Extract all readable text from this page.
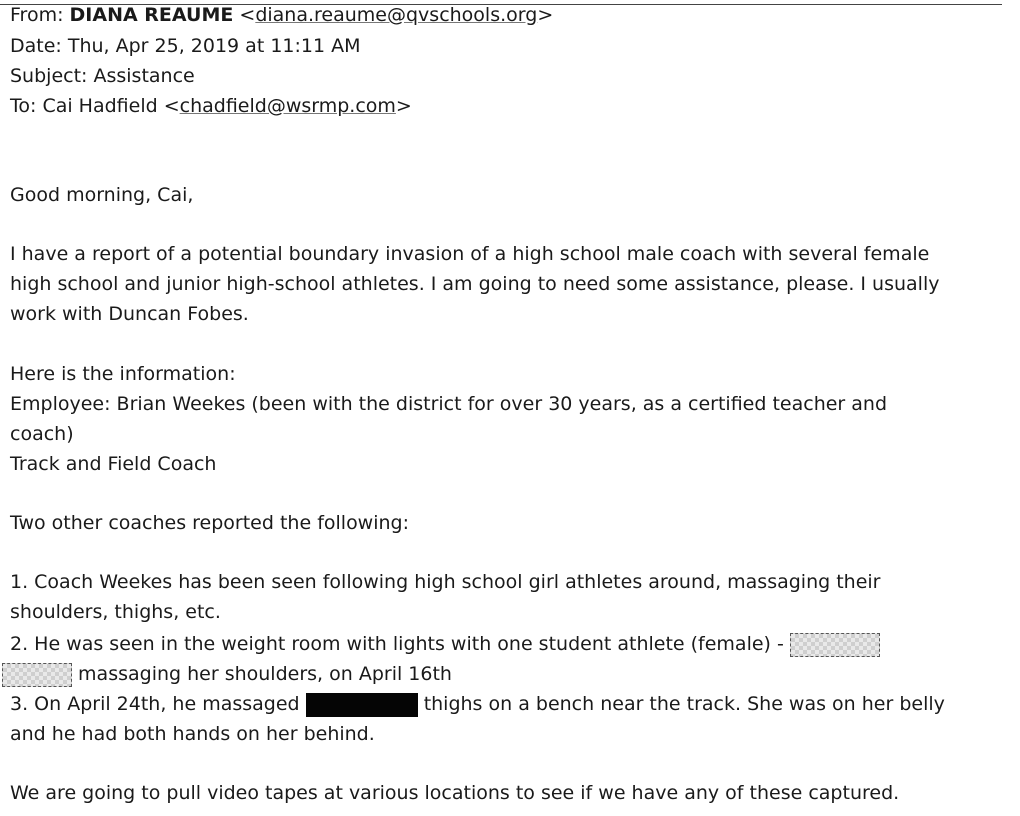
From: DIANA REAUME <diana.reaume@qvschools.org>
Date: Thu, Apr 25, 2019 at 11:11 AM
Subject: Assistance
To: Cai Hadfield <chadfield@wsrmp.com>
Good morning, Cai,
I have a report of a potential boundary invasion of a high school male coach with several female
high school and junior high-school athletes. I am going to need some assistance, please. I usually
work with Duncan Fobes.
Here is the information:
Employee: Brian Weekes (been with the district for over 30 years, as a certified teacher and
coach)
Track and Field Coach
Two other coaches reported the following:
1. Coach Weekes has been seen following high school girl athletes around, massaging their
shoulders, thighs, etc.
2. He was seen in the weight room with lights with one student athlete (female) -
massaging her shoulders, on April 16th
3. On April 24th, he massaged	thighs on a bench near the track. She was on her belly
and he had both hands on her behind.
We are going to pull video tapes at various locations to see if we have any of these captured.
